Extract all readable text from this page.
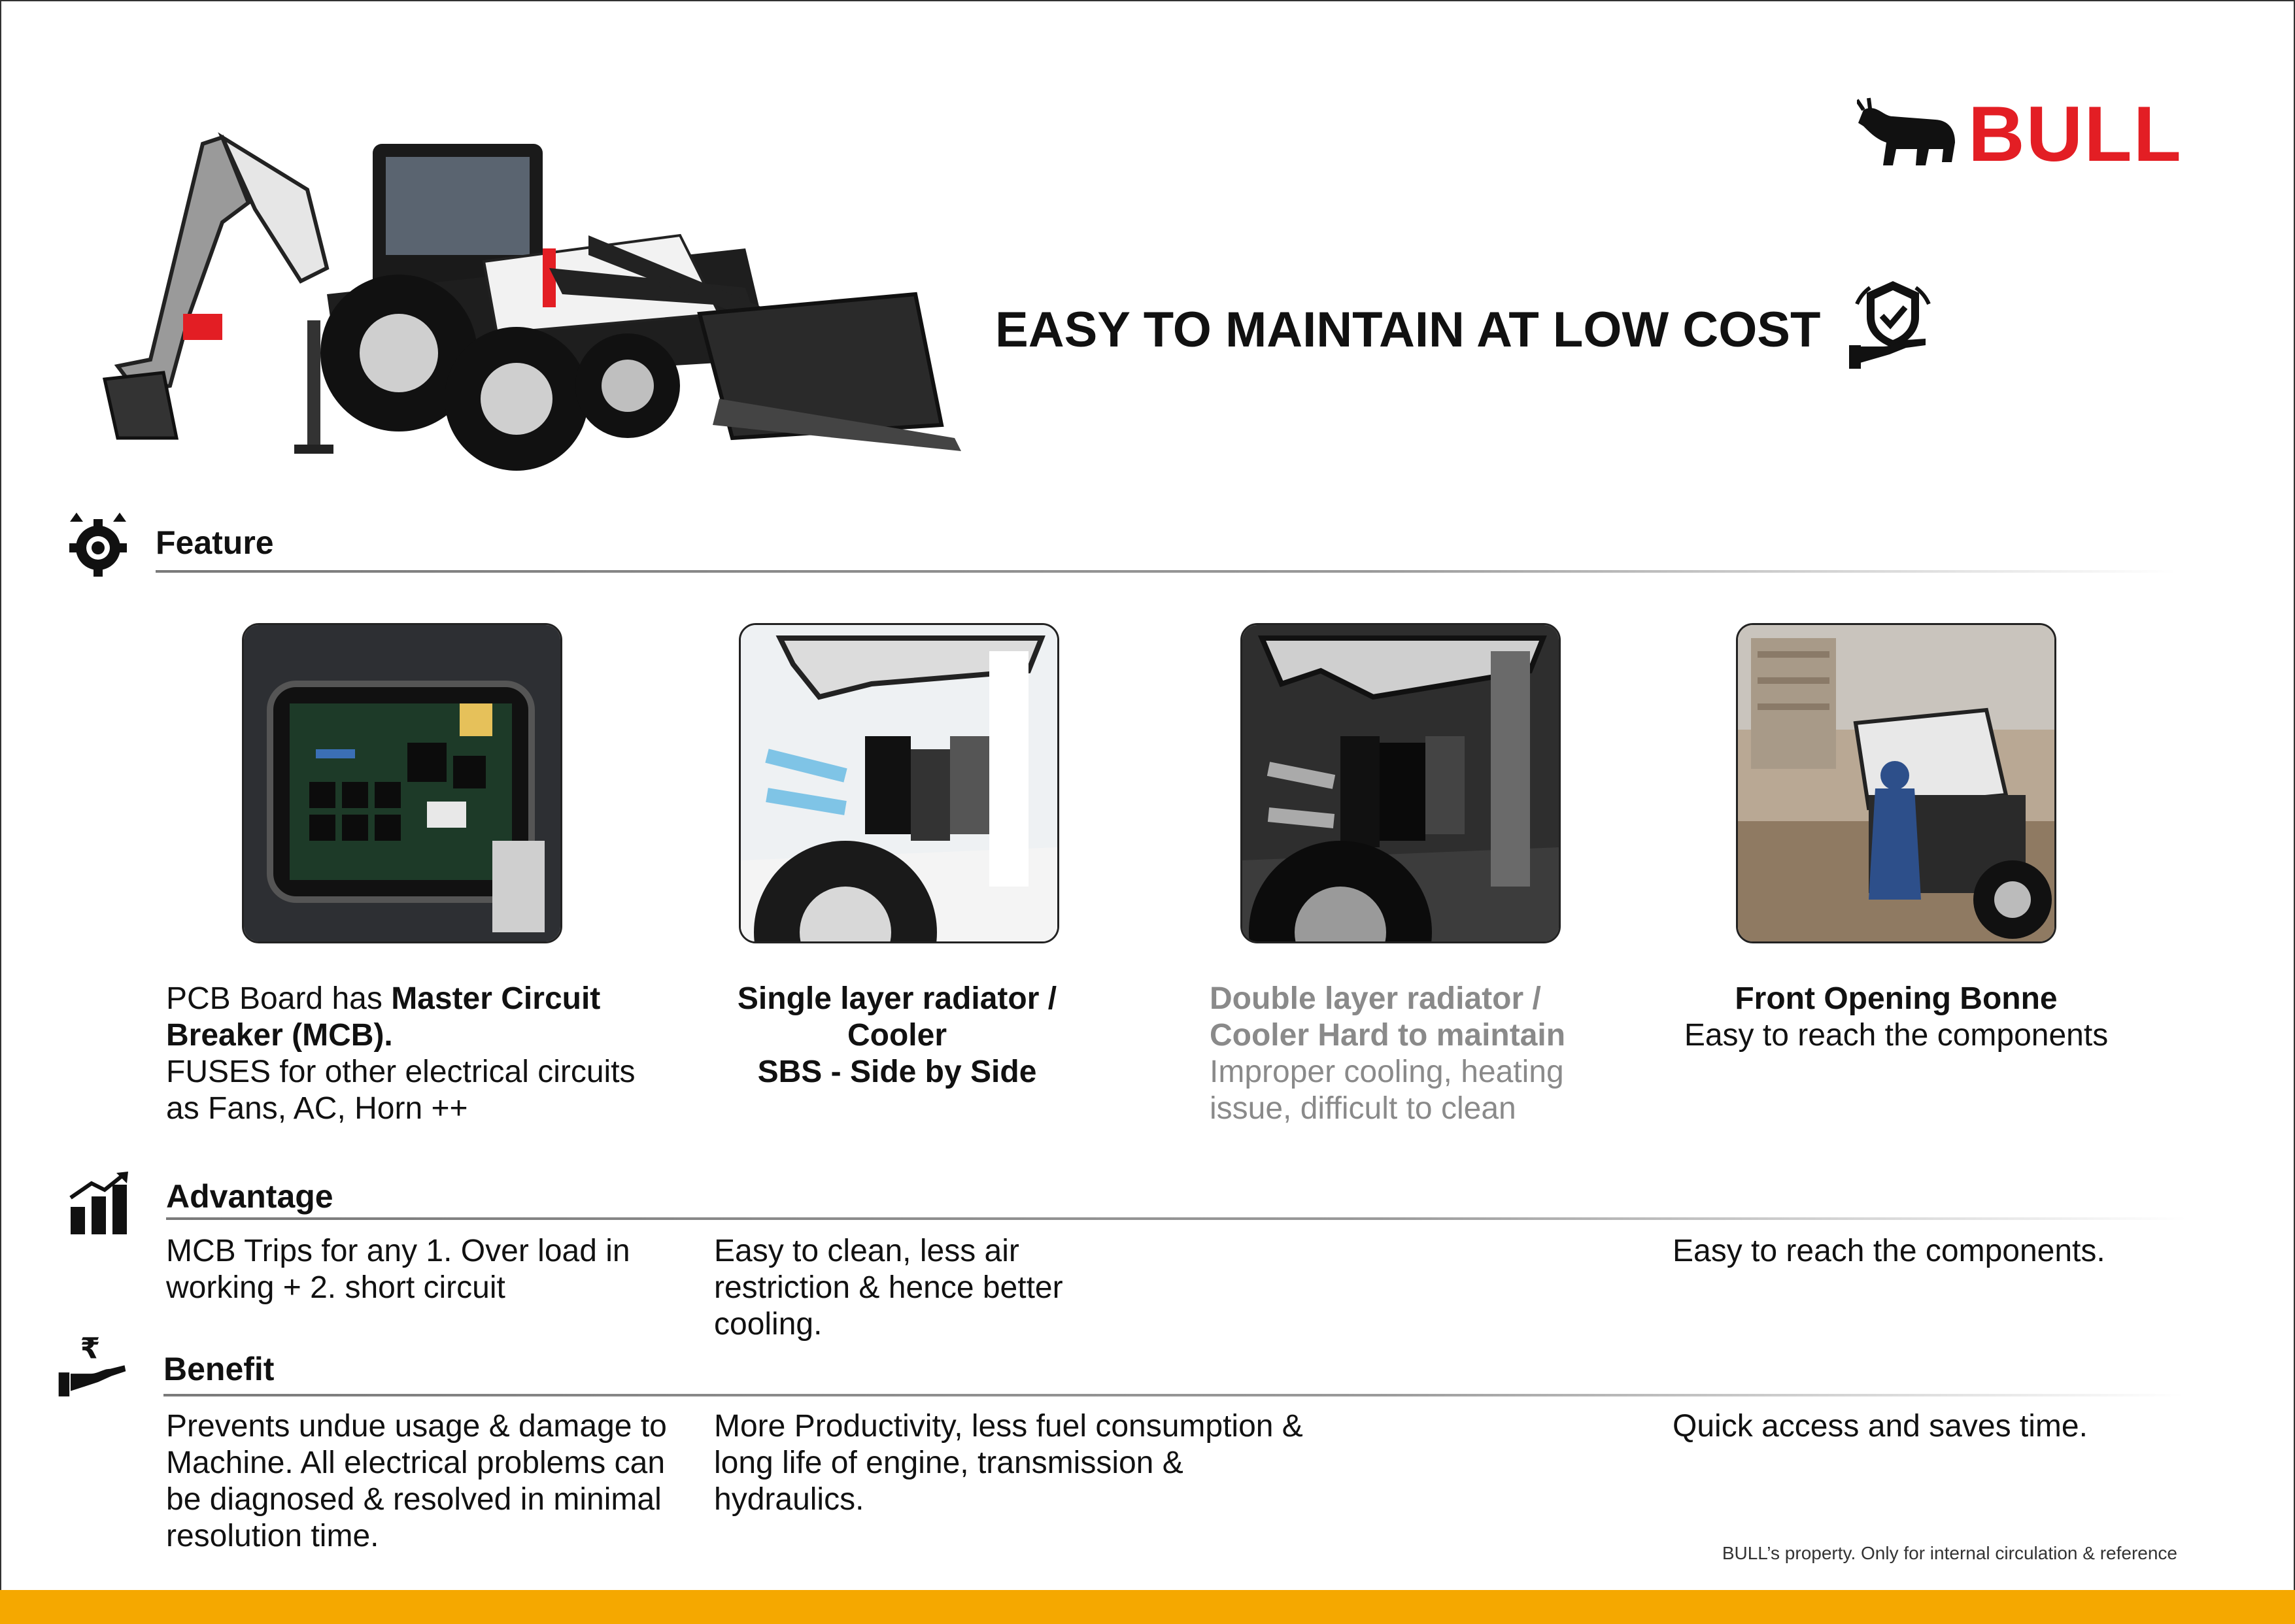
BULL
EASY TO MAINTAIN AT LOW COST
Feature
PCB Board has Master Circuit Breaker (MCB).
FUSES for other electrical circuits as Fans, AC, Horn ++
Single layer radiator /
Cooler
SBS - Side by Side
Double layer radiator /
Cooler Hard to maintain
Improper cooling, heating issue, difficult to clean
Front Opening Bonne
Easy to reach the components
Advantage
MCB Trips for any 1. Over load in working + 2. short circuit
Easy to clean, less air restriction & hence better cooling.
Easy to reach the components.
₹
Benefit
Prevents undue usage & damage to Machine. All electrical problems can be diagnosed & resolved in minimal resolution time.
More Productivity, less fuel consumption & long life of engine, transmission & hydraulics.
Quick access and saves time.
BULL’s property. Only for internal circulation & reference
